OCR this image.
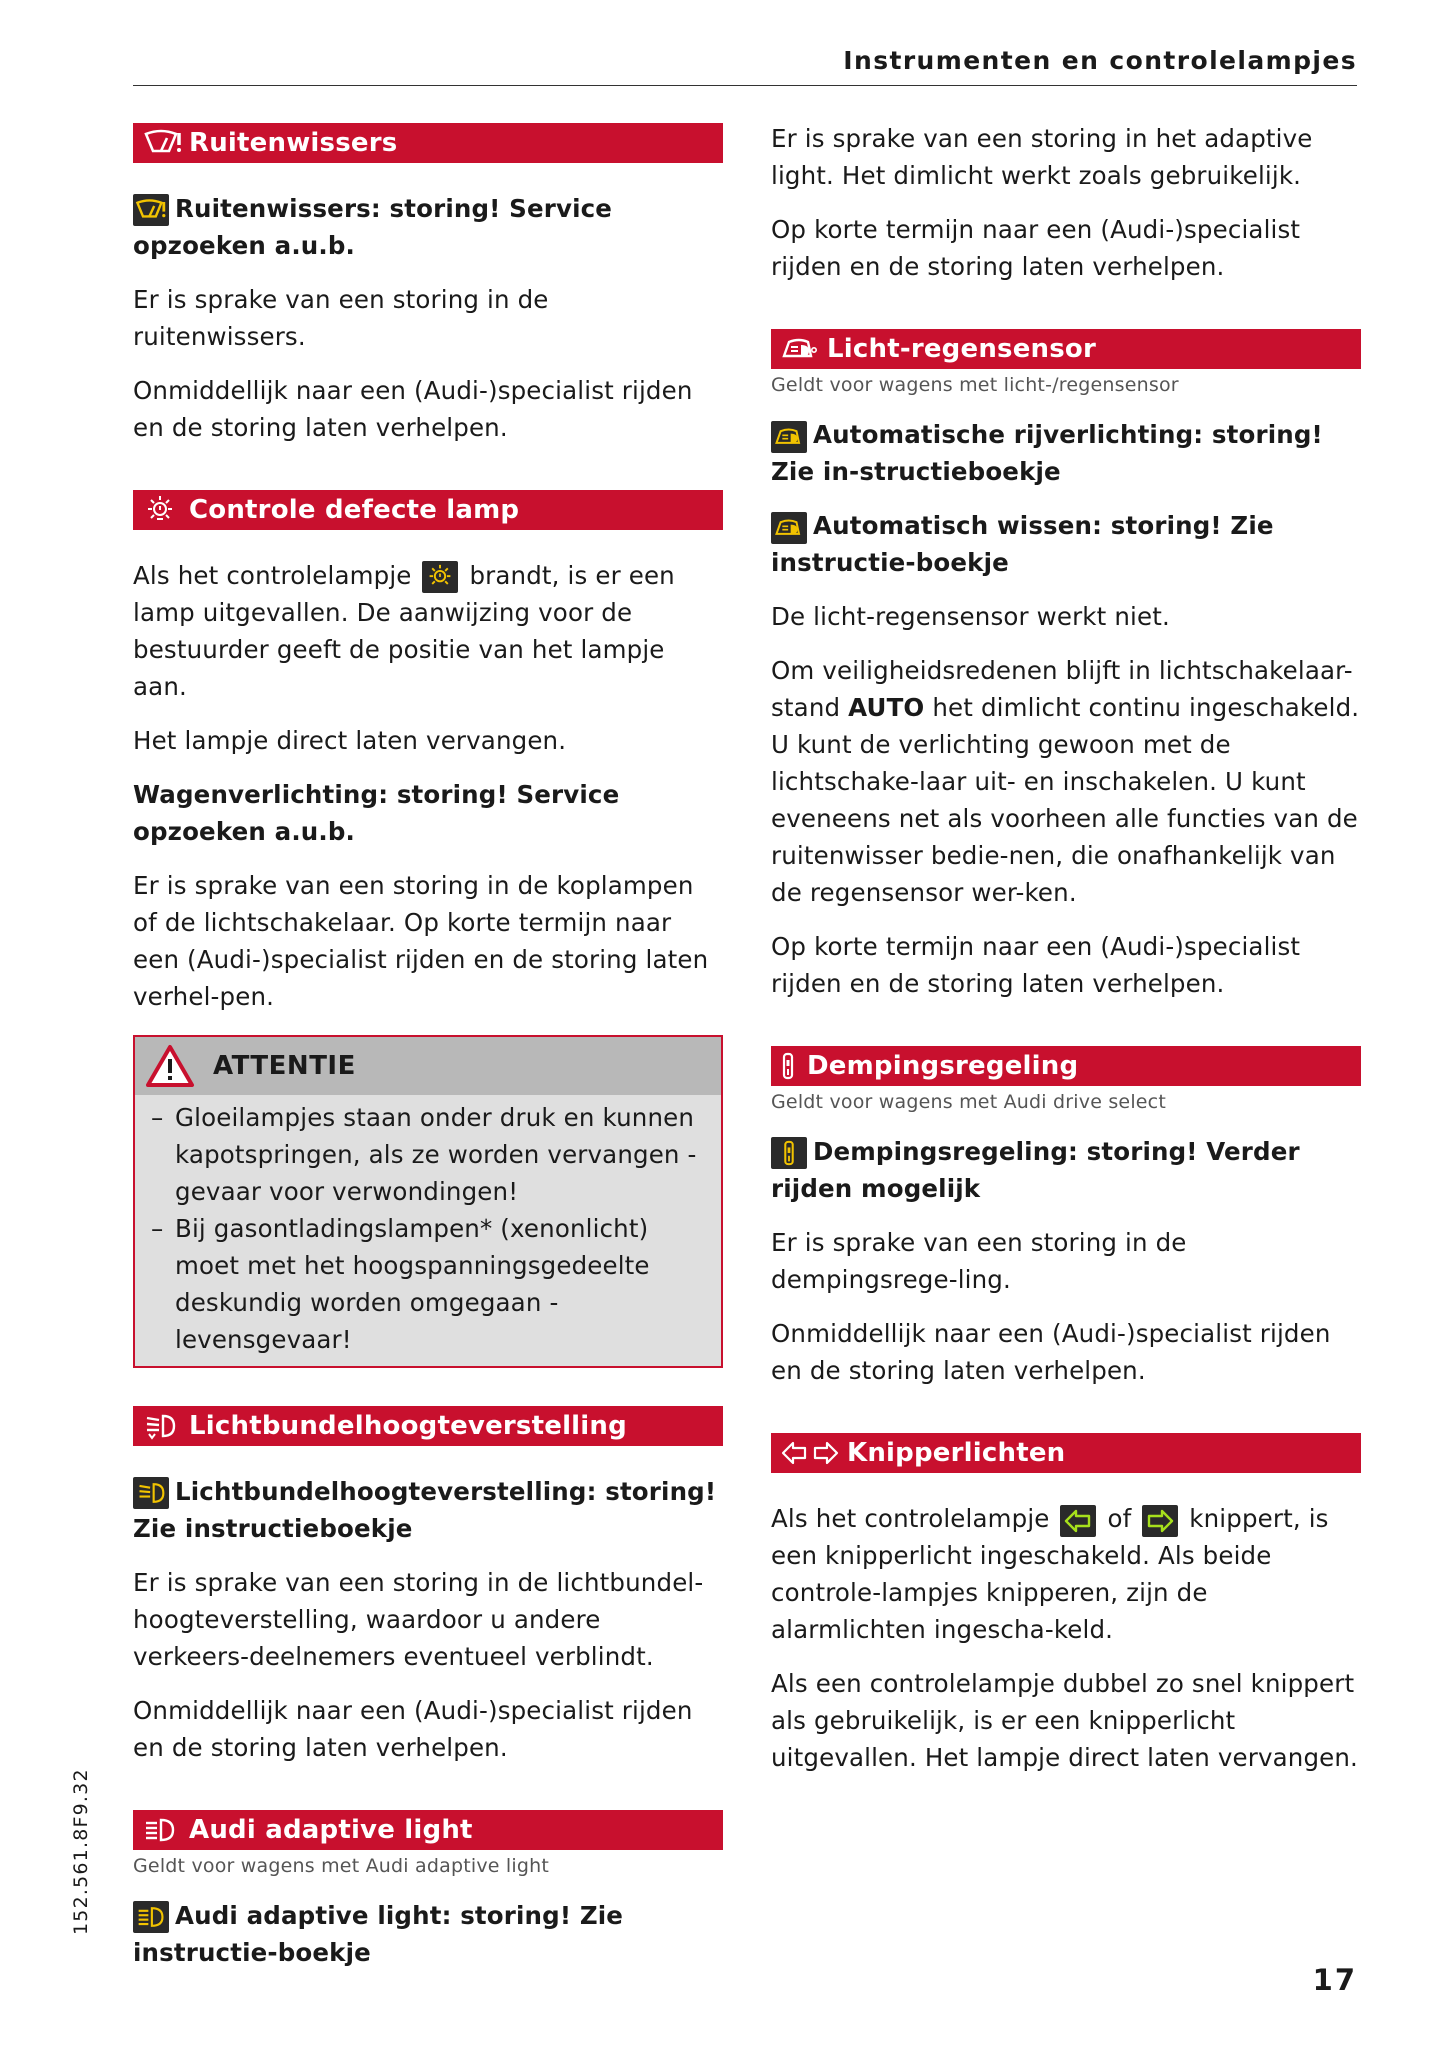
Instrumenten en controlelampjes
Ruitenwissers

Ruitenwissers: storing! Service opzoeken a.u.b.

Er is sprake van een storing in de ruitenwissers.

Onmiddellijk naar een (Audi-)specialist rijden en de storing laten verhelpen.

Controle defecte lamp

Als het controlelampje brandt, is er een lamp uitgevallen. De aanwijzing voor de bestuurder geeft de positie van het lampje aan.

Het lampje direct laten vervangen.

Wagenverlichting: storing! Service opzoeken a.u.b.

Er is sprake van een storing in de koplampen of de lichtschakelaar. Op korte termijn naar een (Audi-)specialist rijden en de storing laten verhel-pen.

ATTENTIE
– Gloeilampjes staan onder druk en kunnen kapotspringen, als ze worden vervangen - gevaar voor verwondingen!
– Bij gasontladingslampen* (xenonlicht) moet met het hoogspanningsgedeelte deskundig worden omgegaan - levensgevaar!
Lichtbundelhoogteverstelling

Lichtbundelhoogteverstelling: storing! Zie instructieboekje

Er is sprake van een storing in de lichtbundel-hoogteverstelling, waardoor u andere verkeers-deelnemers eventueel verblindt.

Onmiddellijk naar een (Audi-)specialist rijden en de storing laten verhelpen.

Audi adaptive light
Geldt voor wagens met Audi adaptive light

Audi adaptive light: storing! Zie instructie-boekje

Er is sprake van een storing in het adaptive light. Het dimlicht werkt zoals gebruikelijk.

Op korte termijn naar een (Audi-)specialist rijden en de storing laten verhelpen.

Licht-regensensor
Geldt voor wagens met licht-/regensensor

Automatische rijverlichting: storing! Zie in-structieboekje

Automatisch wissen: storing! Zie instructie-boekje

De licht-regensensor werkt niet.

Om veiligheidsredenen blijft in lichtschakelaar-stand AUTO het dimlicht continu ingeschakeld. U kunt de verlichting gewoon met de lichtschake-laar uit- en inschakelen. U kunt eveneens net als voorheen alle functies van de ruitenwisser bedie-nen, die onafhankelijk van de regensensor wer-ken.

Op korte termijn naar een (Audi-)specialist rijden en de storing laten verhelpen.

Dempingsregeling
Geldt voor wagens met Audi drive select

Dempingsregeling: storing! Verder rijden mogelijk

Er is sprake van een storing in de dempingsrege-ling.

Onmiddellijk naar een (Audi-)specialist rijden en de storing laten verhelpen.

Knipperlichten

Als het controlelampje of knippert, is een knipperlicht ingeschakeld. Als beide controle-lampjes knipperen, zijn de alarmlichten ingescha-keld.

Als een controlelampje dubbel zo snel knippert als gebruikelijk, is er een knipperlicht uitgevallen. Het lampje direct laten vervangen.

152.561.8F9.32
17
